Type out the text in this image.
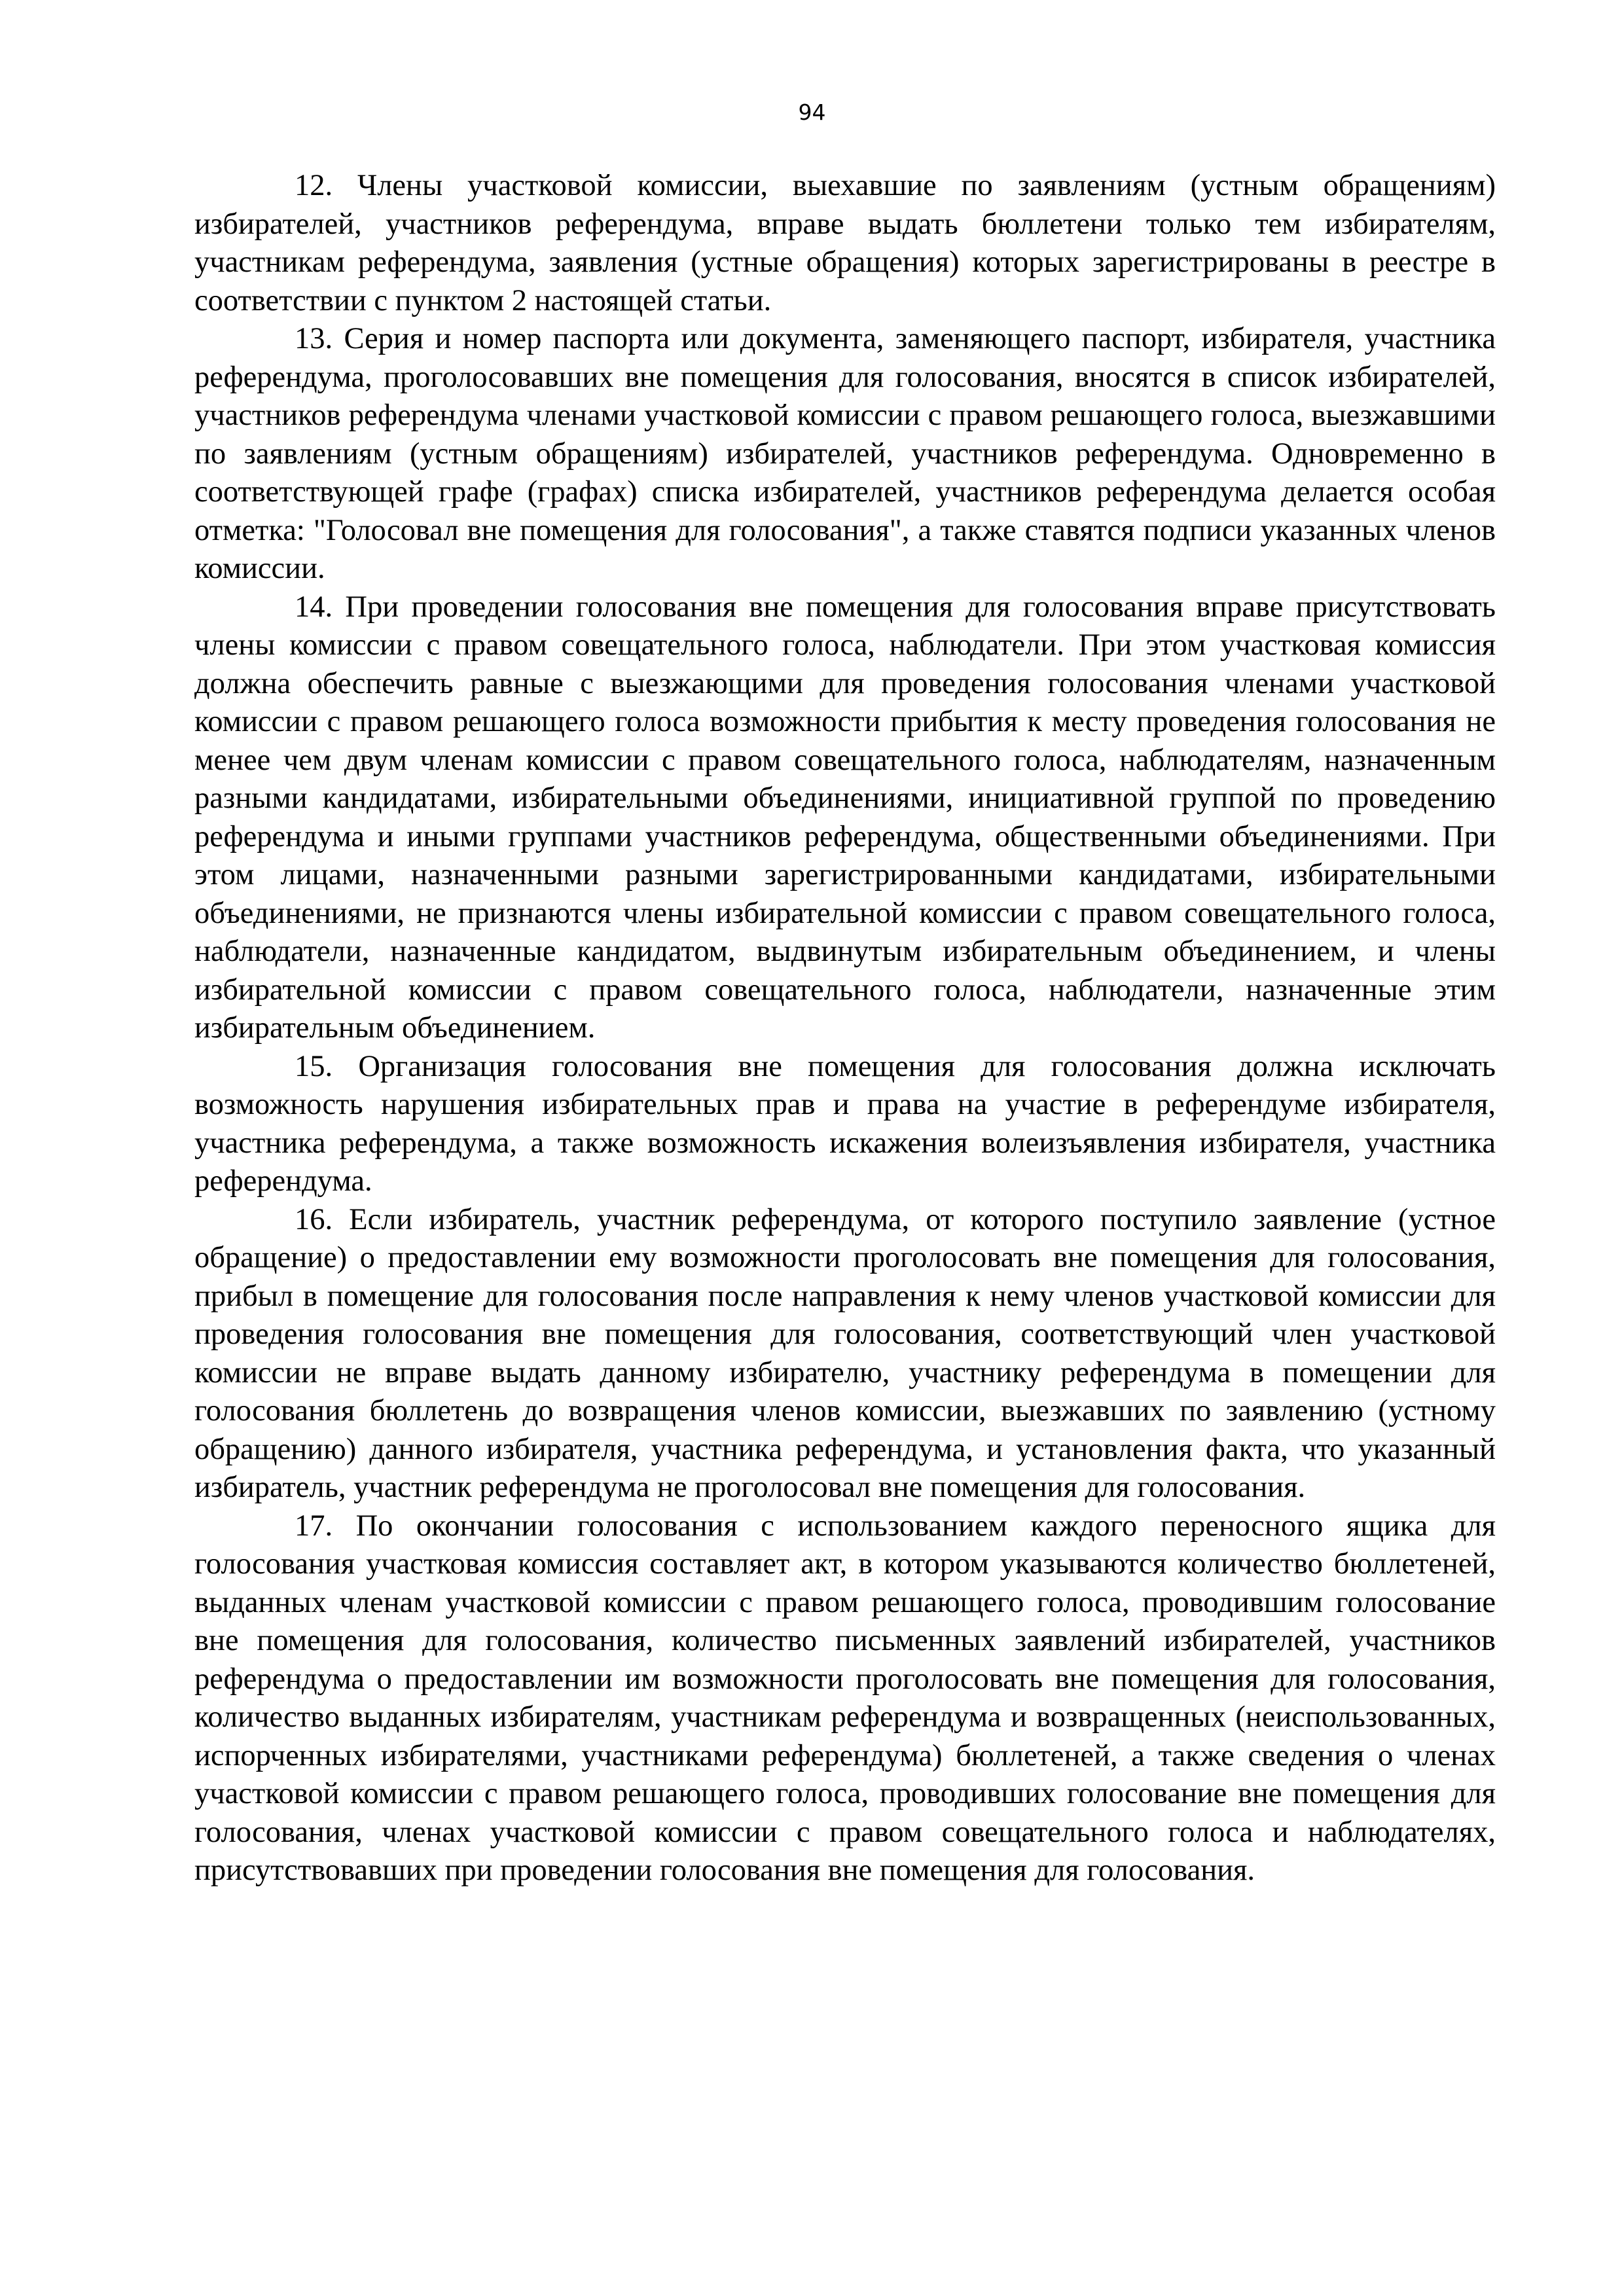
94

12. Члены участковой комиссии, выехавшие по заявлениям (устным обращениям) избирателей, участников референдума, вправе выдать бюллетени только тем избирателям, участникам референдума, заявления (устные обращения) которых зарегистрированы в реестре в соответствии с пунктом 2 настоящей статьи.

13. Серия и номер паспорта или документа, заменяющего паспорт, избирателя, участника референдума, проголосовавших вне помещения для голосования, вносятся в список избирателей, участников референдума членами участковой комиссии с правом решающего голоса, выезжавшими по заявлениям (устным обращениям) избирателей, участников референдума. Одновременно в соответствующей графе (графах) списка избирателей, участников референдума делается особая отметка: "Голосовал вне помещения для голосования", а также ставятся подписи указанных членов комиссии.

14. При проведении голосования вне помещения для голосования вправе присутствовать члены комиссии с правом совещательного голоса, наблюдатели. При этом участковая комиссия должна обеспечить равные с выезжающими для проведения голосования членами участковой комиссии с правом решающего голоса возможности прибытия к месту проведения голосования не менее чем двум членам комиссии с правом совещательного голоса, наблюдателям, назначенным разными кандидатами, избирательными объединениями, инициативной группой по проведению референдума и иными группами участников референдума, общественными объединениями. При этом лицами, назначенными разными зарегистрированными кандидатами, избирательными объединениями, не признаются члены избирательной комиссии с правом совещательного голоса, наблюдатели, назначенные кандидатом, выдвинутым избирательным объединением, и члены избирательной комиссии с правом совещательного голоса, наблюдатели, назначенные этим избирательным объединением.

15. Организация голосования вне помещения для голосования должна исключать возможность нарушения избирательных прав и права на участие в референдуме избирателя, участника референдума, а также возможность искажения волеизъявления избирателя, участника референдума.

16. Если избиратель, участник референдума, от которого поступило заявление (устное обращение) о предоставлении ему возможности проголосовать вне помещения для голосования, прибыл в помещение для голосования после направления к нему членов участковой комиссии для проведения голосования вне помещения для голосования, соответствующий член участковой комиссии не вправе выдать данному избирателю, участнику референдума в помещении для голосования бюллетень до возвращения членов комиссии, выезжавших по заявлению (устному обращению) данного избирателя, участника референдума, и установления факта, что указанный избиратель, участник референдума не проголосовал вне помещения для голосования.

17. По окончании голосования с использованием каждого переносного ящика для голосования участковая комиссия составляет акт, в котором указываются количество бюллетеней, выданных членам участковой комиссии с правом решающего голоса, проводившим голосование вне помещения для голосования, количество письменных заявлений избирателей, участников референдума о предоставлении им возможности проголосовать вне помещения для голосования, количество выданных избирателям, участникам референдума и возвращенных (неиспользованных, испорченных избирателями, участниками референдума) бюллетеней, а также сведения о членах участковой комиссии с правом решающего голоса, проводивших голосование вне помещения для голосования, членах участковой комиссии с правом совещательного голоса и наблюдателях, присутствовавших при проведении голосования вне помещения для голосования.
